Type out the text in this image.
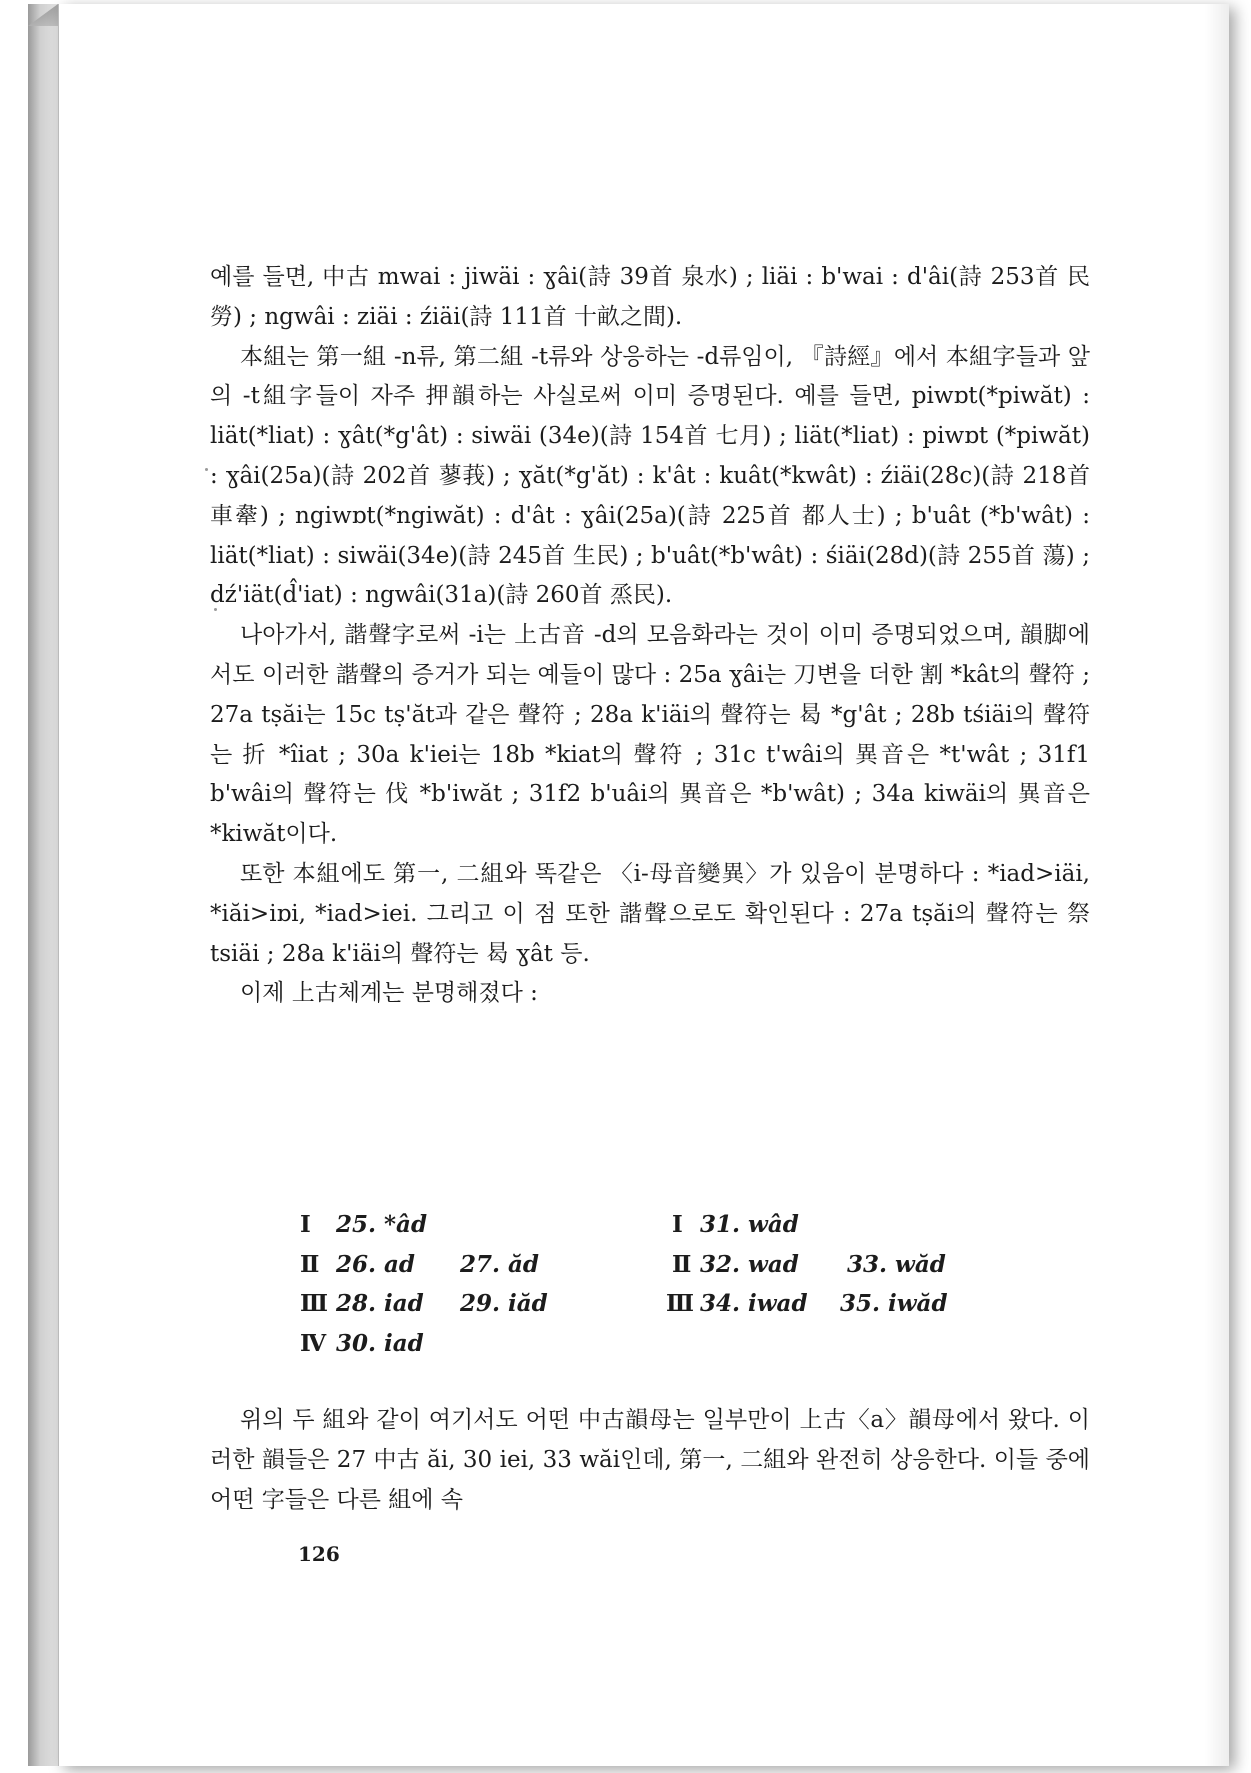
예를 들면, 中古 mwai : jiwäi : ɣâi(詩 39首 泉水) ; liäi : b'wai : d'âi(詩 253首 民勞) ; ngwâi : ziäi : źiäi(詩 111首 十畝之間).

本組는 第一組 -n류, 第二組 -t류와 상응하는 -d류임이, 『詩經』에서 本組字들과 앞의 -t組字들이 자주 押韻하는 사실로써 이미 증명된다. 예를 들면, piwɒt(*piwăt) : liät(*liat) : ɣât(*g'ât) : siwäi (34e)(詩 154首 七月) ; liät(*liat) : piwɒt (*piwăt) : ɣâi(25a)(詩 202首 蓼莪) ; ɣăt(*g'ăt) : k'ât : kuât(*kwât) : źiäi(28c)(詩 218首 車舝) ; ngiwɒt(*ngiwăt) : d'ât : ɣâi(25a)(詩 225首 都人士) ; b'uât (*b'wât) : liät(*liat) : siwäi(34e)(詩 245首 生民) ; b'uât(*b'wât) : śiäi(28d)(詩 255首 蕩) ; dź'iät(d̂'iat) : ngwâi(31a)(詩 260首 烝民).

나아가서, 諧聲字로써 -i는 上古音 -d의 모음화라는 것이 이미 증명되었으며, 韻脚에서도 이러한 諧聲의 증거가 되는 예들이 많다 : 25a ɣâi는 刀변을 더한 割 *kât의 聲符 ; 27a tṣăi는 15c tṣ'ăt과 같은 聲符 ; 28a k'iäi의 聲符는 曷 *g'ât ; 28b tśiäi의 聲符는 折 *îiat ; 30a k'iei는 18b *kiat의 聲符 ; 31c t'wâi의 異音은 *t'wât ; 31f1 b'wâi의 聲符는 伐 *b'iwăt ; 31f2 b'uâi의 異音은 *b'wât) ; 34a kiwäi의 異音은 *kiwăt이다.

또한 本組에도 第一, 二組와 똑같은 〈i-母音變異〉가 있음이 분명하다 : *iad>iäi, *iăi>iɒi, *iad>iei. 그리고 이 점 또한 諧聲으로도 확인된다 : 27a tṣăi의 聲符는 祭 tsiäi ; 28a k'iäi의 聲符는 曷 ɣât 등.

이제 上古체계는 분명해졌다 :

Ⅰ 25. *âd	Ⅰ 31. wâd
Ⅱ 26. ad 27. ăd	Ⅱ 32. wad 33. wăd
Ⅲ 28. iad 29. iăd	Ⅲ 34. iwad 35. iwăd
Ⅳ 30. iad

위의 두 組와 같이 여기서도 어떤 中古韻母는 일부만이 上古〈a〉韻母에서 왔다. 이러한 韻들은 27 中古 ăi, 30 iei, 33 wăi인데, 第一, 二組와 완전히 상응한다. 이들 중에 어떤 字들은 다른 組에 속

126
